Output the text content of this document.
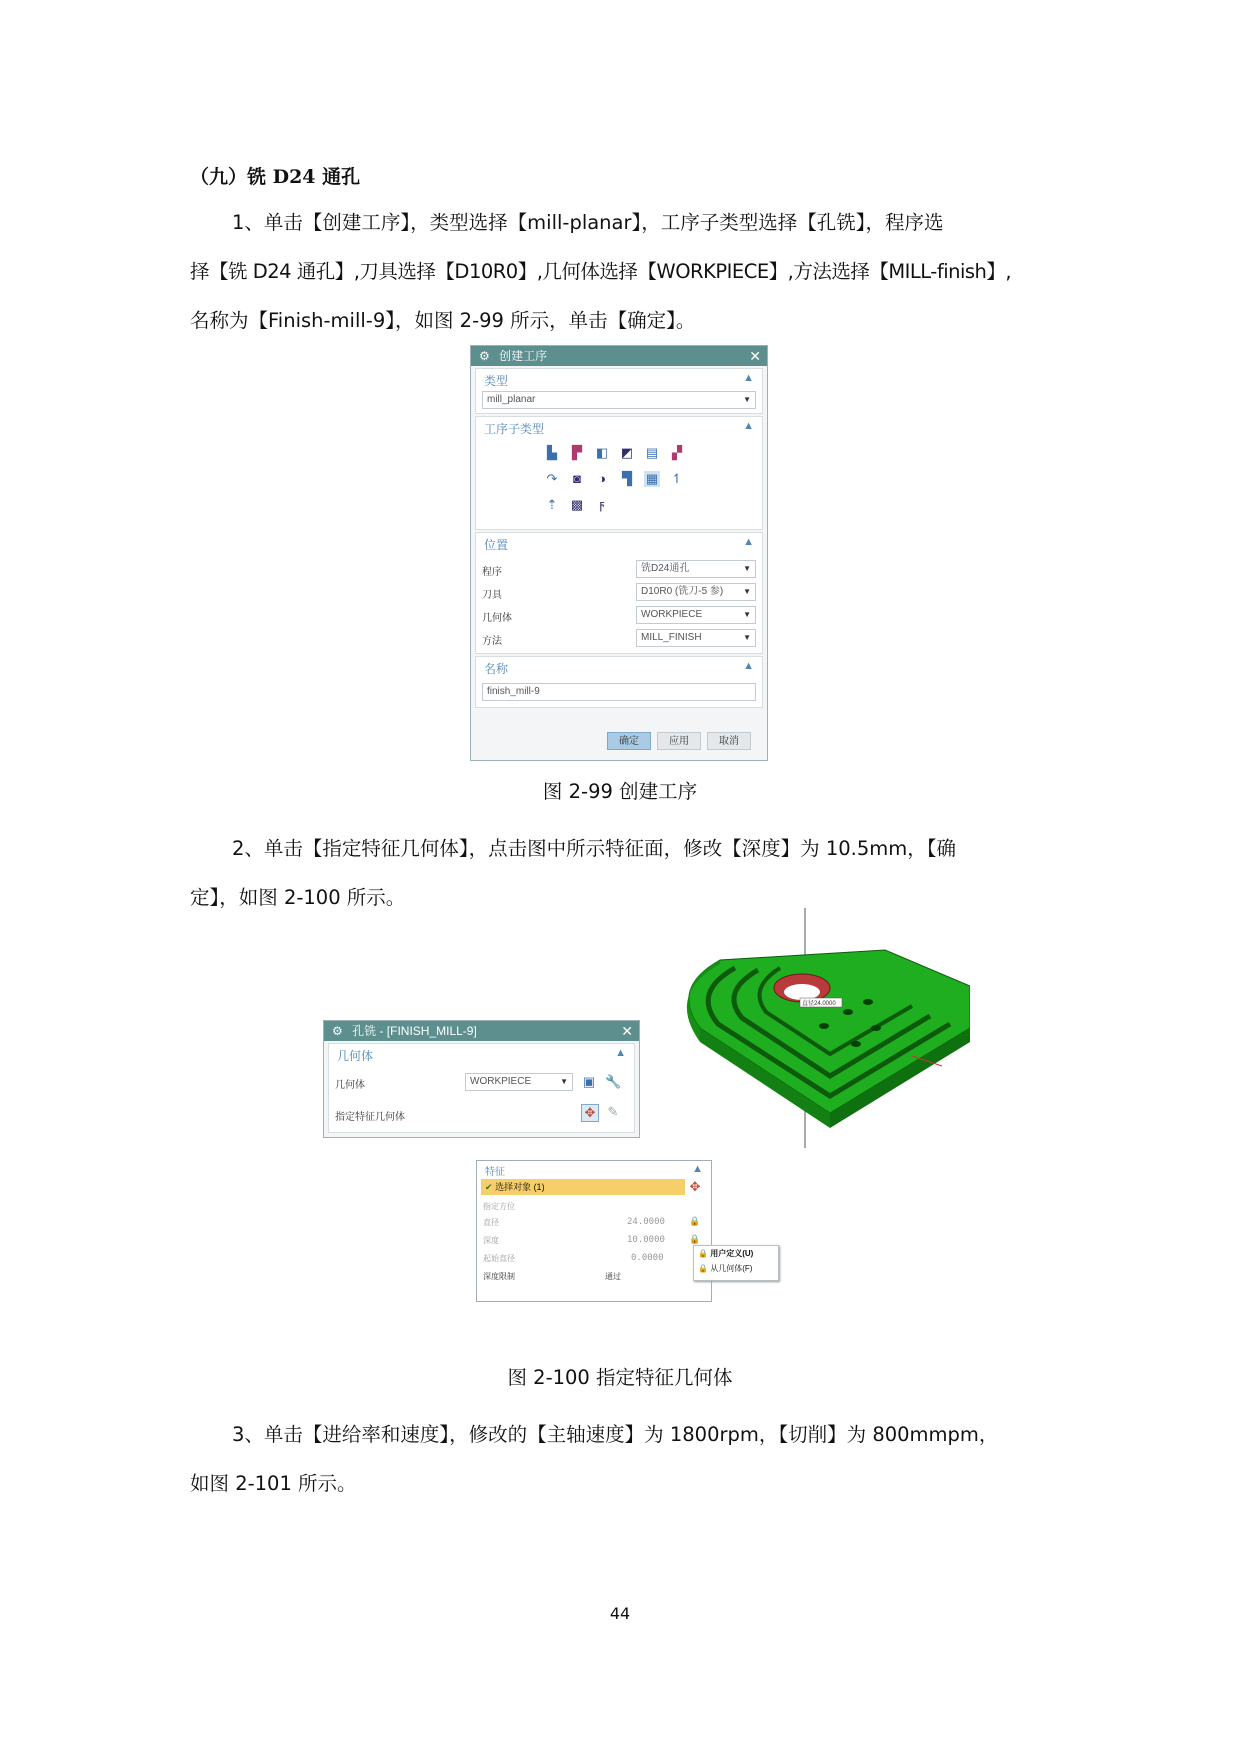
（九）铣 D24 通孔
1、单击【创建工序】，类型选择【mill-planar】，工序子类型选择【孔铣】，程序选
择【铣 D24 通孔】,刀具选择【D10R0】,几何体选择【WORKPIECE】,方法选择【MILL-finish】,
名称为【Finish-mill-9】，如图 2-99 所示，单击【确定】。
⚙ 创建工序	✕
类型	▲
mill_planar	▼
工序子类型	▲
▙ ▛ ◧ ◩ ▤ ▞
↷	◙	◑	▜ ▦ ↿
⇡ ▩	ϝ
位置	▲
程序	铣D24通孔	▼
刀具	D10R0 (铣刀-5 参) ▼
几何体	WORKPIECE	▼
方法	MILL_FINISH	▼
名称	▲
finish_mill-9
确定	应用	取消
图 2-99 创建工序
2、单击【指定特征几何体】，点击图中所示特征面，修改【深度】为 10.5mm，【确
定】，如图 2-100 所示。
⚙ 孔铣 - [FINISH_MILL-9]	✕
几何体	▲
几何体	WORKPIECE	▼ ▣ 🔧
指定特征几何体	✥ ✎
特征	▲
✔ 选择对象 (1)	✥
指定方位
直径	24.0000	🔒
深度	10.0000	🔒
起始直径	0.0000
深度限制	通过
🔒 用户定义(U)
🔒 从几何体(F)
直径24.0000
图 2-100 指定特征几何体
3、单击【进给率和速度】，修改的【主轴速度】为 1800rpm，【切削】为 800mmpm，
如图 2-101 所示。
44
